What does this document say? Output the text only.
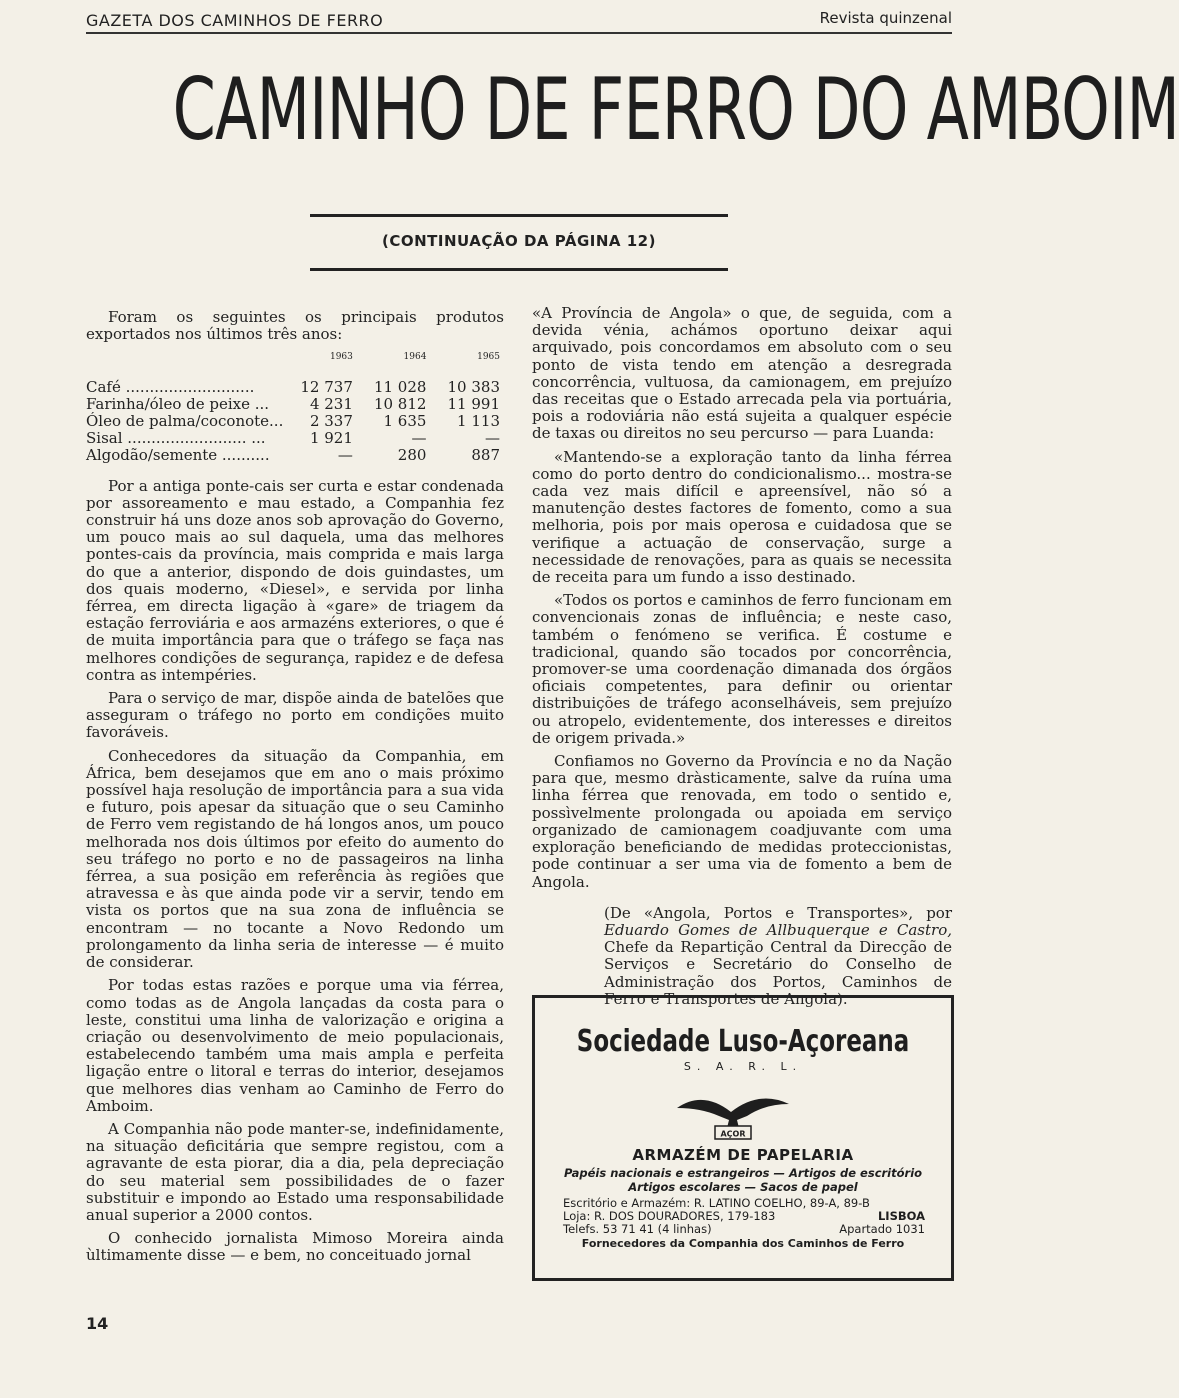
GAZETA DOS CAMINHOS DE FERRO	Revista quinzenal
CAMINHO DE FERRO DO AMBOIM
(CONTINUAÇÃO DA PÁGINA 12)

Foram os seguintes os principais produtos exportados nos últimos três anos:

	1963	1964	1965
Café ...........................	12 737	11 028	10 383
Farinha/óleo de peixe ...	4 231	10 812	11 991
Óleo de palma/coconote...	2 337	1 635	1 113
Sisal ......................... ...	1 921	—	—
Algodão/semente ..........	—	280	887

Por a antiga ponte-cais ser curta e estar condenada por assoreamento e mau estado, a Companhia fez construir há uns doze anos sob aprovação do Governo, um pouco mais ao sul daquela, uma das melhores pontes-cais da província, mais comprida e mais larga do que a anterior, dispondo de dois guindastes, um dos quais moderno, «Diesel», e servida por linha férrea, em directa ligação à «gare» de triagem da estação ferroviária e aos armazéns exteriores, o que é de muita importância para que o tráfego se faça nas melhores condições de segurança, rapidez e de defesa contra as intempéries.

Para o serviço de mar, dispõe ainda de batelões que asseguram o tráfego no porto em condições muito favoráveis.

Conhecedores da situação da Companhia, em África, bem desejamos que em ano o mais próximo possível haja resolução de importância para a sua vida e futuro, pois apesar da situação que o seu Caminho de Ferro vem registando de há longos anos, um pouco melhorada nos dois últimos por efeito do aumento do seu tráfego no porto e no de passageiros na linha férrea, a sua posição em referência às regiões que atravessa e às que ainda pode vir a servir, tendo em vista os portos que na sua zona de influência se encontram — no tocante a Novo Redondo um prolongamento da linha seria de interesse — é muito de considerar.

Por todas estas razões e porque uma via férrea, como todas as de Angola lançadas da costa para o leste, constitui uma linha de valorização e origina a criação ou desenvolvimento de meio populacionais, estabelecendo também uma mais ampla e perfeita ligação entre o litoral e terras do interior, desejamos que melhores dias venham ao Caminho de Ferro do Amboim.

A Companhia não pode manter-se, indefinidamente, na situação deficitária que sempre registou, com a agravante de esta piorar, dia a dia, pela depreciação do seu material sem possibilidades de o fazer substituir e impondo ao Estado uma responsabilidade anual superior a 2000 contos.

O conhecido jornalista Mimoso Moreira ainda ùltimamente disse — e bem, no conceituado jornal

«A Província de Angola» o que, de seguida, com a devida vénia, achámos oportuno deixar aqui arquivado, pois concordamos em absoluto com o seu ponto de vista tendo em atenção a desregrada concorrência, vultuosa, da camionagem, em prejuízo das receitas que o Estado arrecada pela via portuária, pois a rodoviária não está sujeita a qualquer espécie de taxas ou direitos no seu percurso — para Luanda:

«Mantendo-se a exploração tanto da linha férrea como do porto dentro do condicionalismo... mostra-se cada vez mais difícil e apreensível, não só a manutenção destes factores de fomento, como a sua melhoria, pois por mais operosa e cuidadosa que se verifique a actuação de conservação, surge a necessidade de renovações, para as quais se necessita de receita para um fundo a isso destinado.

«Todos os portos e caminhos de ferro funcionam em convencionais zonas de influência; e neste caso, também o fenómeno se verifica. É costume e tradicional, quando são tocados por concorrência, promover-se uma coordenação dimanada dos órgãos oficiais competentes, para definir ou orientar distribuições de tráfego aconselháveis, sem prejuízo ou atropelo, evidentemente, dos interesses e direitos de origem privada.»

Confiamos no Governo da Província e no da Nação para que, mesmo dràsticamente, salve da ruína uma linha férrea que renovada, em todo o sentido e, possìvelmente prolongada ou apoiada em serviço organizado de camionagem coadjuvante com uma exploração beneficiando de medidas proteccionistas, pode continuar a ser uma via de fomento a bem de Angola.

(De «Angola, Portos e Transportes», por Eduardo Gomes de Allbuquerque e Castro, Chefe da Repartição Central da Direcção de Serviços e Secretário do Conselho de Administração dos Portos, Caminhos de Ferro e Transportes de Angola).
Sociedade Luso-Açoreana
S. A. R. L.
AÇOR
ARMAZÉM DE PAPELARIA
Papéis nacionais e estrangeiros — Artigos de escritório
Artigos escolares — Sacos de papel
Escritório e Armazém: R. LATINO COELHO, 89-A, 89-B
Loja: R. DOS DOURADORES, 179-183	LISBOA
Telefs. 53 71 41 (4 linhas)	Apartado 1031
Fornecedores da Companhia dos Caminhos de Ferro
14
